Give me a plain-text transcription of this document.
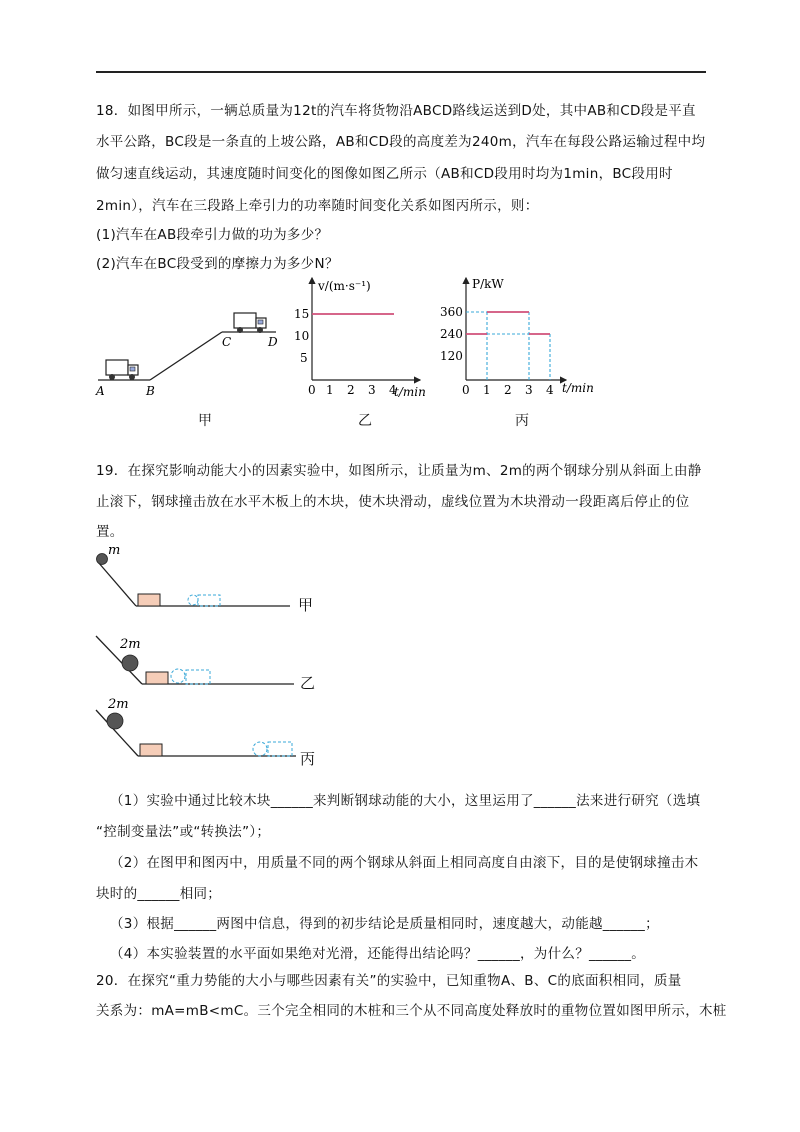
18．如图甲所示，一辆总质量为12t的汽车将货物沿ABCD路线运送到D处，其中AB和CD段是平直
水平公路，BC段是一条直的上坡公路，AB和CD段的高度差为240m，汽车在每段公路运输过程中均
做匀速直线运动，其速度随时间变化的图像如图乙所示（AB和CD段用时均为1min，BC段用时
2min），汽车在三段路上牵引力的功率随时间变化关系如图丙所示，则：
(1)汽车在AB段牵引力做的功为多少？
(2)汽车在BC段受到的摩擦力为多少N？
A	B
C	D
甲
v/(m·s⁻¹)
t/min
15
10
5
0 1 2 3 4
乙
P/kW
t/min
360
240
120
0 1 2 3 4
丙
19．在探究影响动能大小的因素实验中，如图所示，让质量为m、2m的两个钢球分别从斜面上由静
止滚下，钢球撞击放在水平木板上的木块，使木块滑动，虚线位置为木块滑动一段距离后停止的位
置。
m
甲
2m
乙
2m
丙
（1）实验中通过比较木块______来判断钢球动能的大小，这里运用了______法来进行研究（选填
“控制变量法”或“转换法”）；
（2）在图甲和图丙中，用质量不同的两个钢球从斜面上相同高度自由滚下，目的是使钢球撞击木
块时的______相同；
（3）根据______两图中信息，得到的初步结论是质量相同时，速度越大，动能越______；
（4）本实验装置的水平面如果绝对光滑，还能得出结论吗？______，为什么？______。
20．在探究“重力势能的大小与哪些因素有关”的实验中，已知重物A、B、C的底面积相同，质量
关系为：mA=mB<mC。三个完全相同的木桩和三个从不同高度处释放时的重物位置如图甲所示，木桩
